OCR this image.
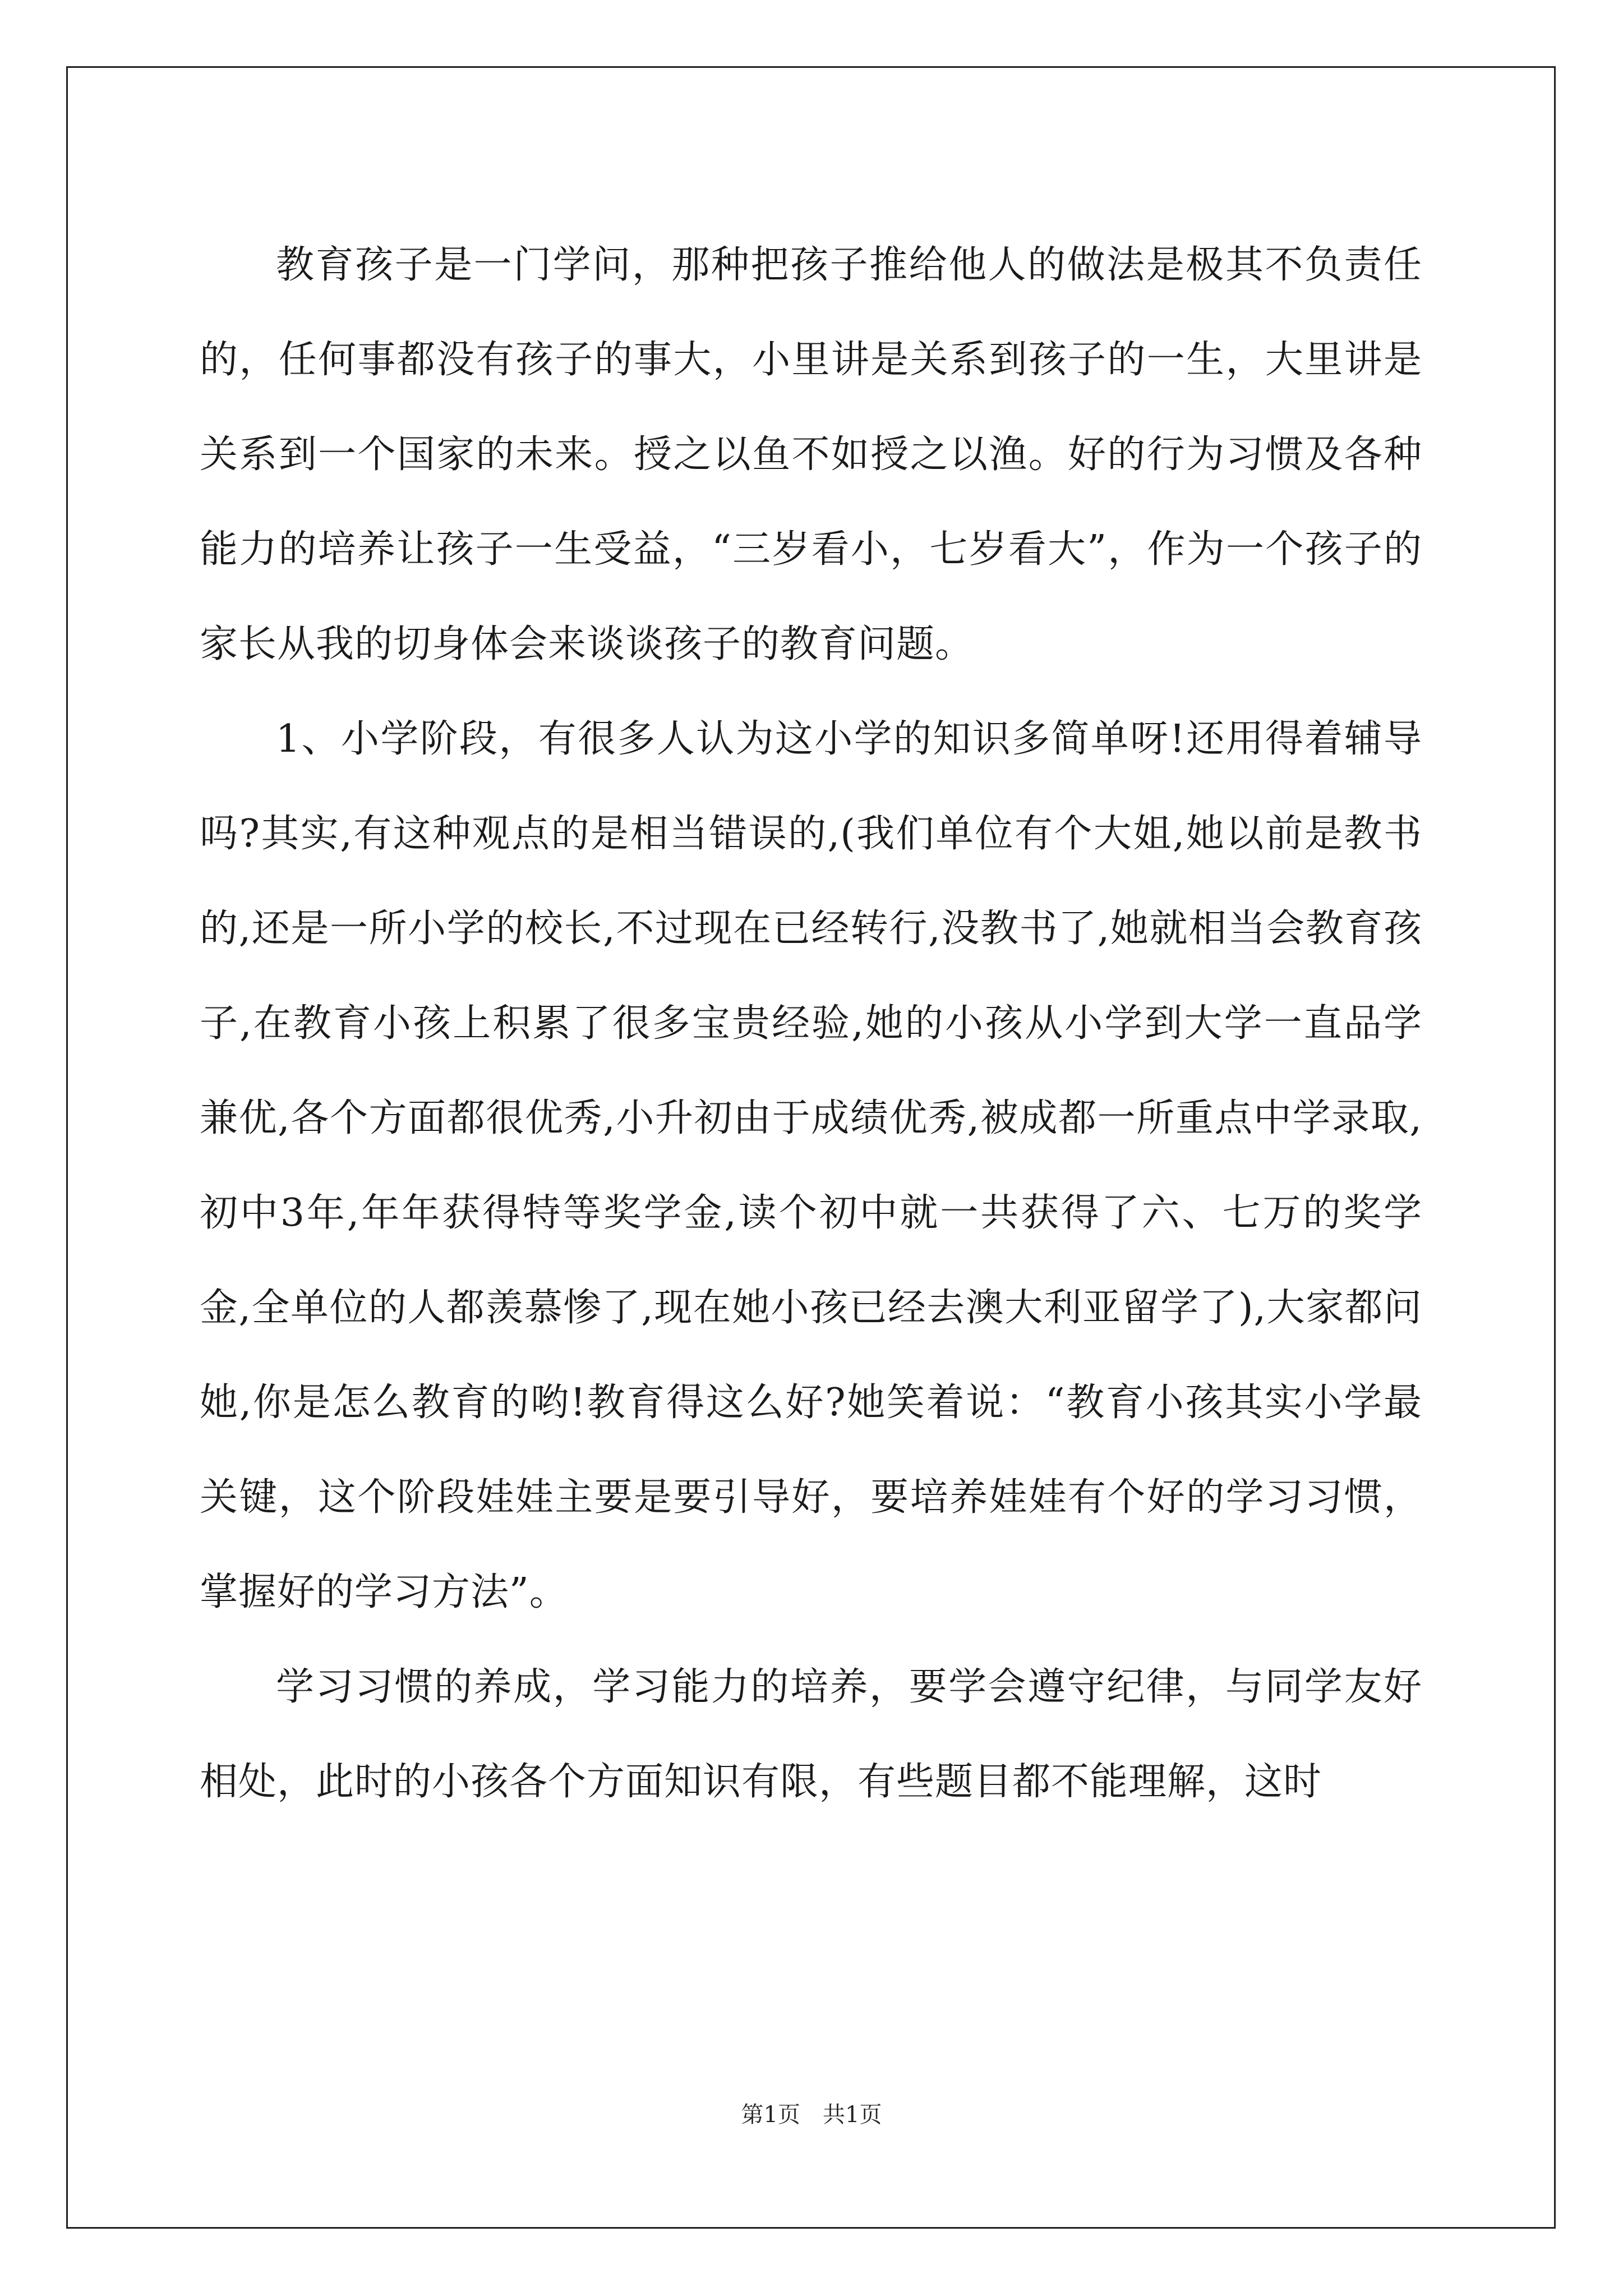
教育孩子是一门学问，那种把孩子推给他人的做法是极其不负责任的，任何事都没有孩子的事大，小里讲是关系到孩子的一生，大里讲是关系到一个国家的未来。授之以鱼不如授之以渔。好的行为习惯及各种能力的培养让孩子一生受益，“三岁看小，七岁看大”，作为一个孩子的家长从我的切身体会来谈谈孩子的教育问题。

1、小学阶段，有很多人认为这小学的知识多简单呀!还用得着辅导吗?其实,有这种观点的是相当错误的,(我们单位有个大姐,她以前是教书的,还是一所小学的校长,不过现在已经转行,没教书了,她就相当会教育孩子,在教育小孩上积累了很多宝贵经验,她的小孩从小学到大学一直品学兼优,各个方面都很优秀,小升初由于成绩优秀,被成都一所重点中学录取,初中3年,年年获得特等奖学金,读个初中就一共获得了六、七万的奖学金,全单位的人都羡慕惨了,现在她小孩已经去澳大利亚留学了),大家都问她,你是怎么教育的哟!教育得这么好?她笑着说：“教育小孩其实小学最关键，这个阶段娃娃主要是要引导好，要培养娃娃有个好的学习习惯，掌握好的学习方法”。

学习习惯的养成，学习能力的培养，要学会遵守纪律，与同学友好相处，此时的小孩各个方面知识有限，有些题目都不能理解，这时

第1页 共1页
